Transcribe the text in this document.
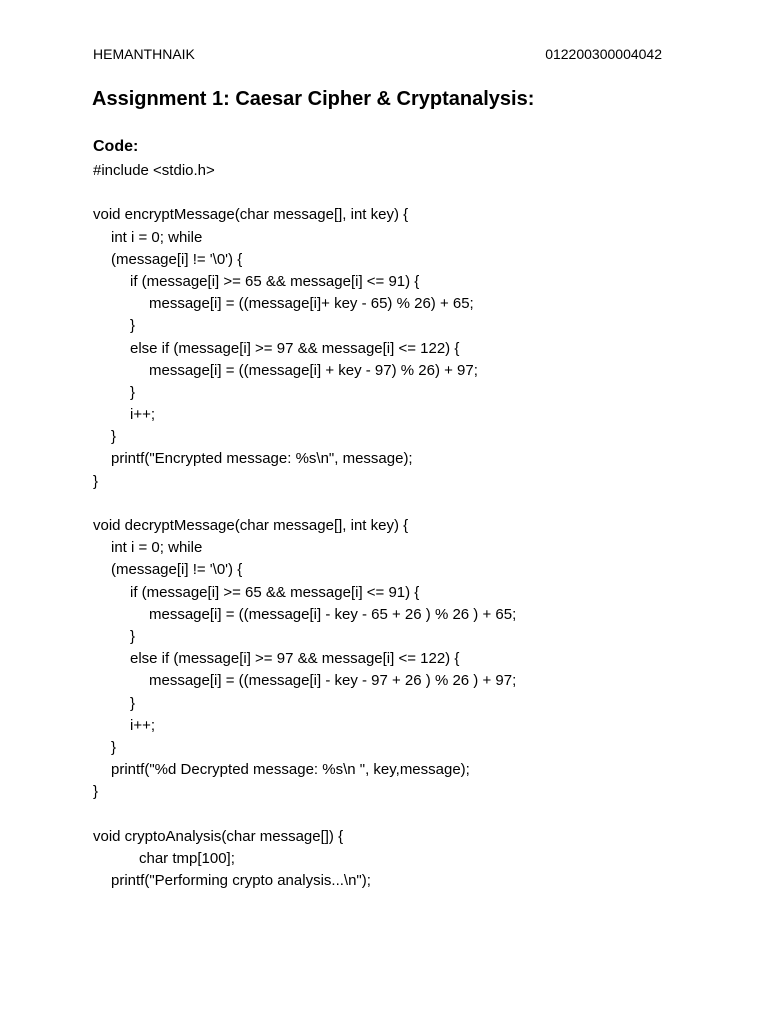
HEMANTHNAIK	012200300004042
Assignment 1: Caesar Cipher & Cryptanalysis:
Code:
#include <stdio.h>
void encryptMessage(char message[], int key) {
int i = 0; while
(message[i] != '\0') {
if (message[i] >= 65 && message[i] <= 91) {
message[i] = ((message[i]+ key - 65) % 26) + 65;
}
else if (message[i] >= 97 && message[i] <= 122) {
message[i] = ((message[i] + key - 97) % 26) + 97;
}
i++;
}
printf("Encrypted message: %s\n", message);
}
void decryptMessage(char message[], int key) {
int i = 0; while
(message[i] != '\0') {
if (message[i] >= 65 && message[i] <= 91) {
message[i] = ((message[i] - key - 65 + 26 ) % 26 ) + 65;
}
else if (message[i] >= 97 && message[i] <= 122) {
message[i] = ((message[i] - key - 97 + 26 ) % 26 ) + 97;
}
i++;
}
printf("%d Decrypted message: %s\n ", key,message);
}
void cryptoAnalysis(char message[]) {
char tmp[100];
printf("Performing crypto analysis...\n");
